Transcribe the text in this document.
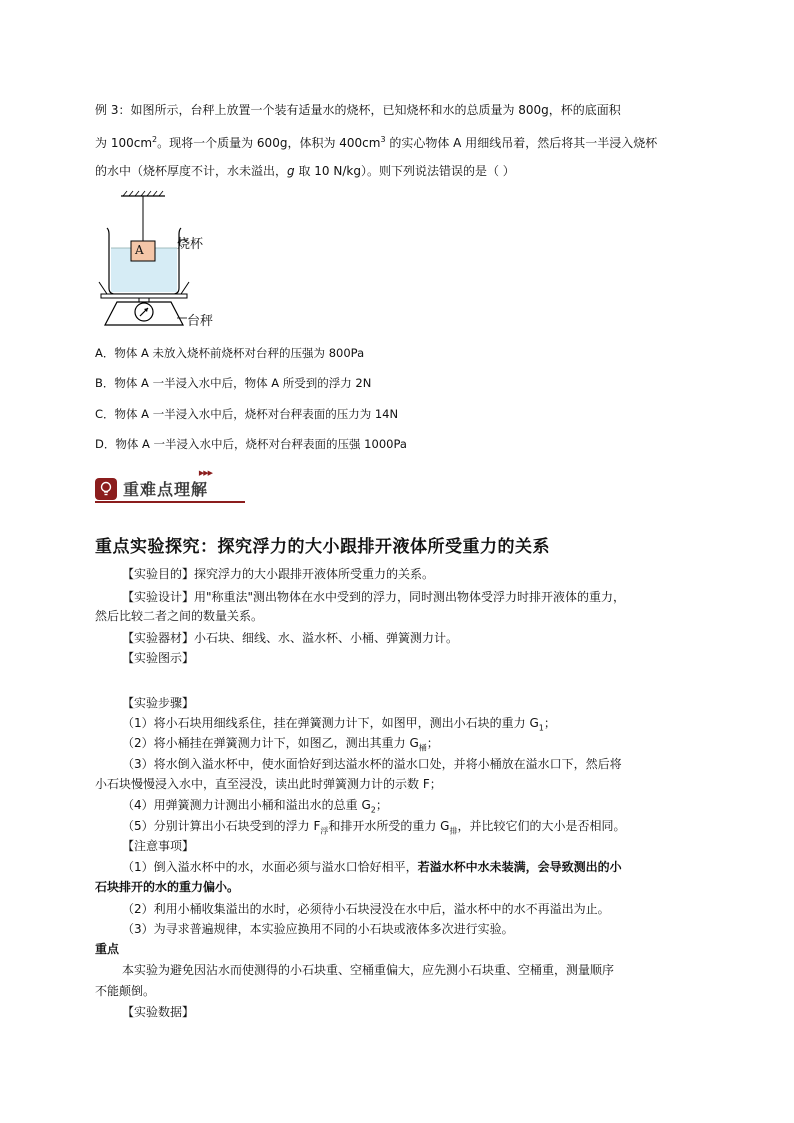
例 3：如图所示，台秤上放置一个装有适量水的烧杯，已知烧杯和水的总质量为 800g，杯的底面积
为 $100cm^2$。现将一个质量为 600g，体积为 $400cm^3$ 的实心物体 A 用细线吊着，然后将其一半浸入烧杯
的水中（烧杯厚度不计，水未溢出，g 取 10 N/kg）。则下列说法错误的是（ ）
A	烧杯
台秤
A．物体 A 未放入烧杯前烧杯对台秤的压强为 800Pa
B．物体 A 一半浸入水中后，物体 A 所受到的浮力 2N
C．物体 A 一半浸入水中后，烧杯对台秤表面的压力为 14N
D．物体 A 一半浸入水中后，烧杯对台秤表面的压强 1000Pa
重难点理解
▶▶▶
重点实验探究：探究浮力的大小跟排开液体所受重力的关系
【实验目的】探究浮力的大小跟排开液体所受重力的关系。
【实验设计】用"称重法"测出物体在水中受到的浮力，同时测出物体受浮力时排开液体的重力，
然后比较二者之间的数量关系。
【实验器材】小石块、细线、水、溢水杯、小桶、弹簧测力计。
【实验图示】
【实验步骤】
（1）将小石块用细线系住，挂在弹簧测力计下，如图甲，测出小石块的重力 $G_1$；
（2）将小桶挂在弹簧测力计下，如图乙，测出其重力 $G_桶$；
（3）将水倒入溢水杯中，使水面恰好到达溢水杯的溢水口处，并将小桶放在溢水口下，然后将
小石块慢慢浸入水中，直至浸没，读出此时弹簧测力计的示数 F；
（4）用弹簧测力计测出小桶和溢出水的总重 $G_2$；
（5）分别计算出小石块受到的浮力 $F_浮$和排开水所受的重力 $G_排$，并比较它们的大小是否相同。
【注意事项】
（1）倒入溢水杯中的水，水面必须与溢水口恰好相平，若溢水杯中水未装满，会导致测出的小
石块排开的水的重力偏小。
（2）利用小桶收集溢出的水时，必须待小石块浸没在水中后，溢水杯中的水不再溢出为止。
（3）为寻求普遍规律，本实验应换用不同的小石块或液体多次进行实验。
重点
本实验为避免因沾水而使测得的小石块重、空桶重偏大，应先测小石块重、空桶重，测量顺序
不能颠倒。
【实验数据】
